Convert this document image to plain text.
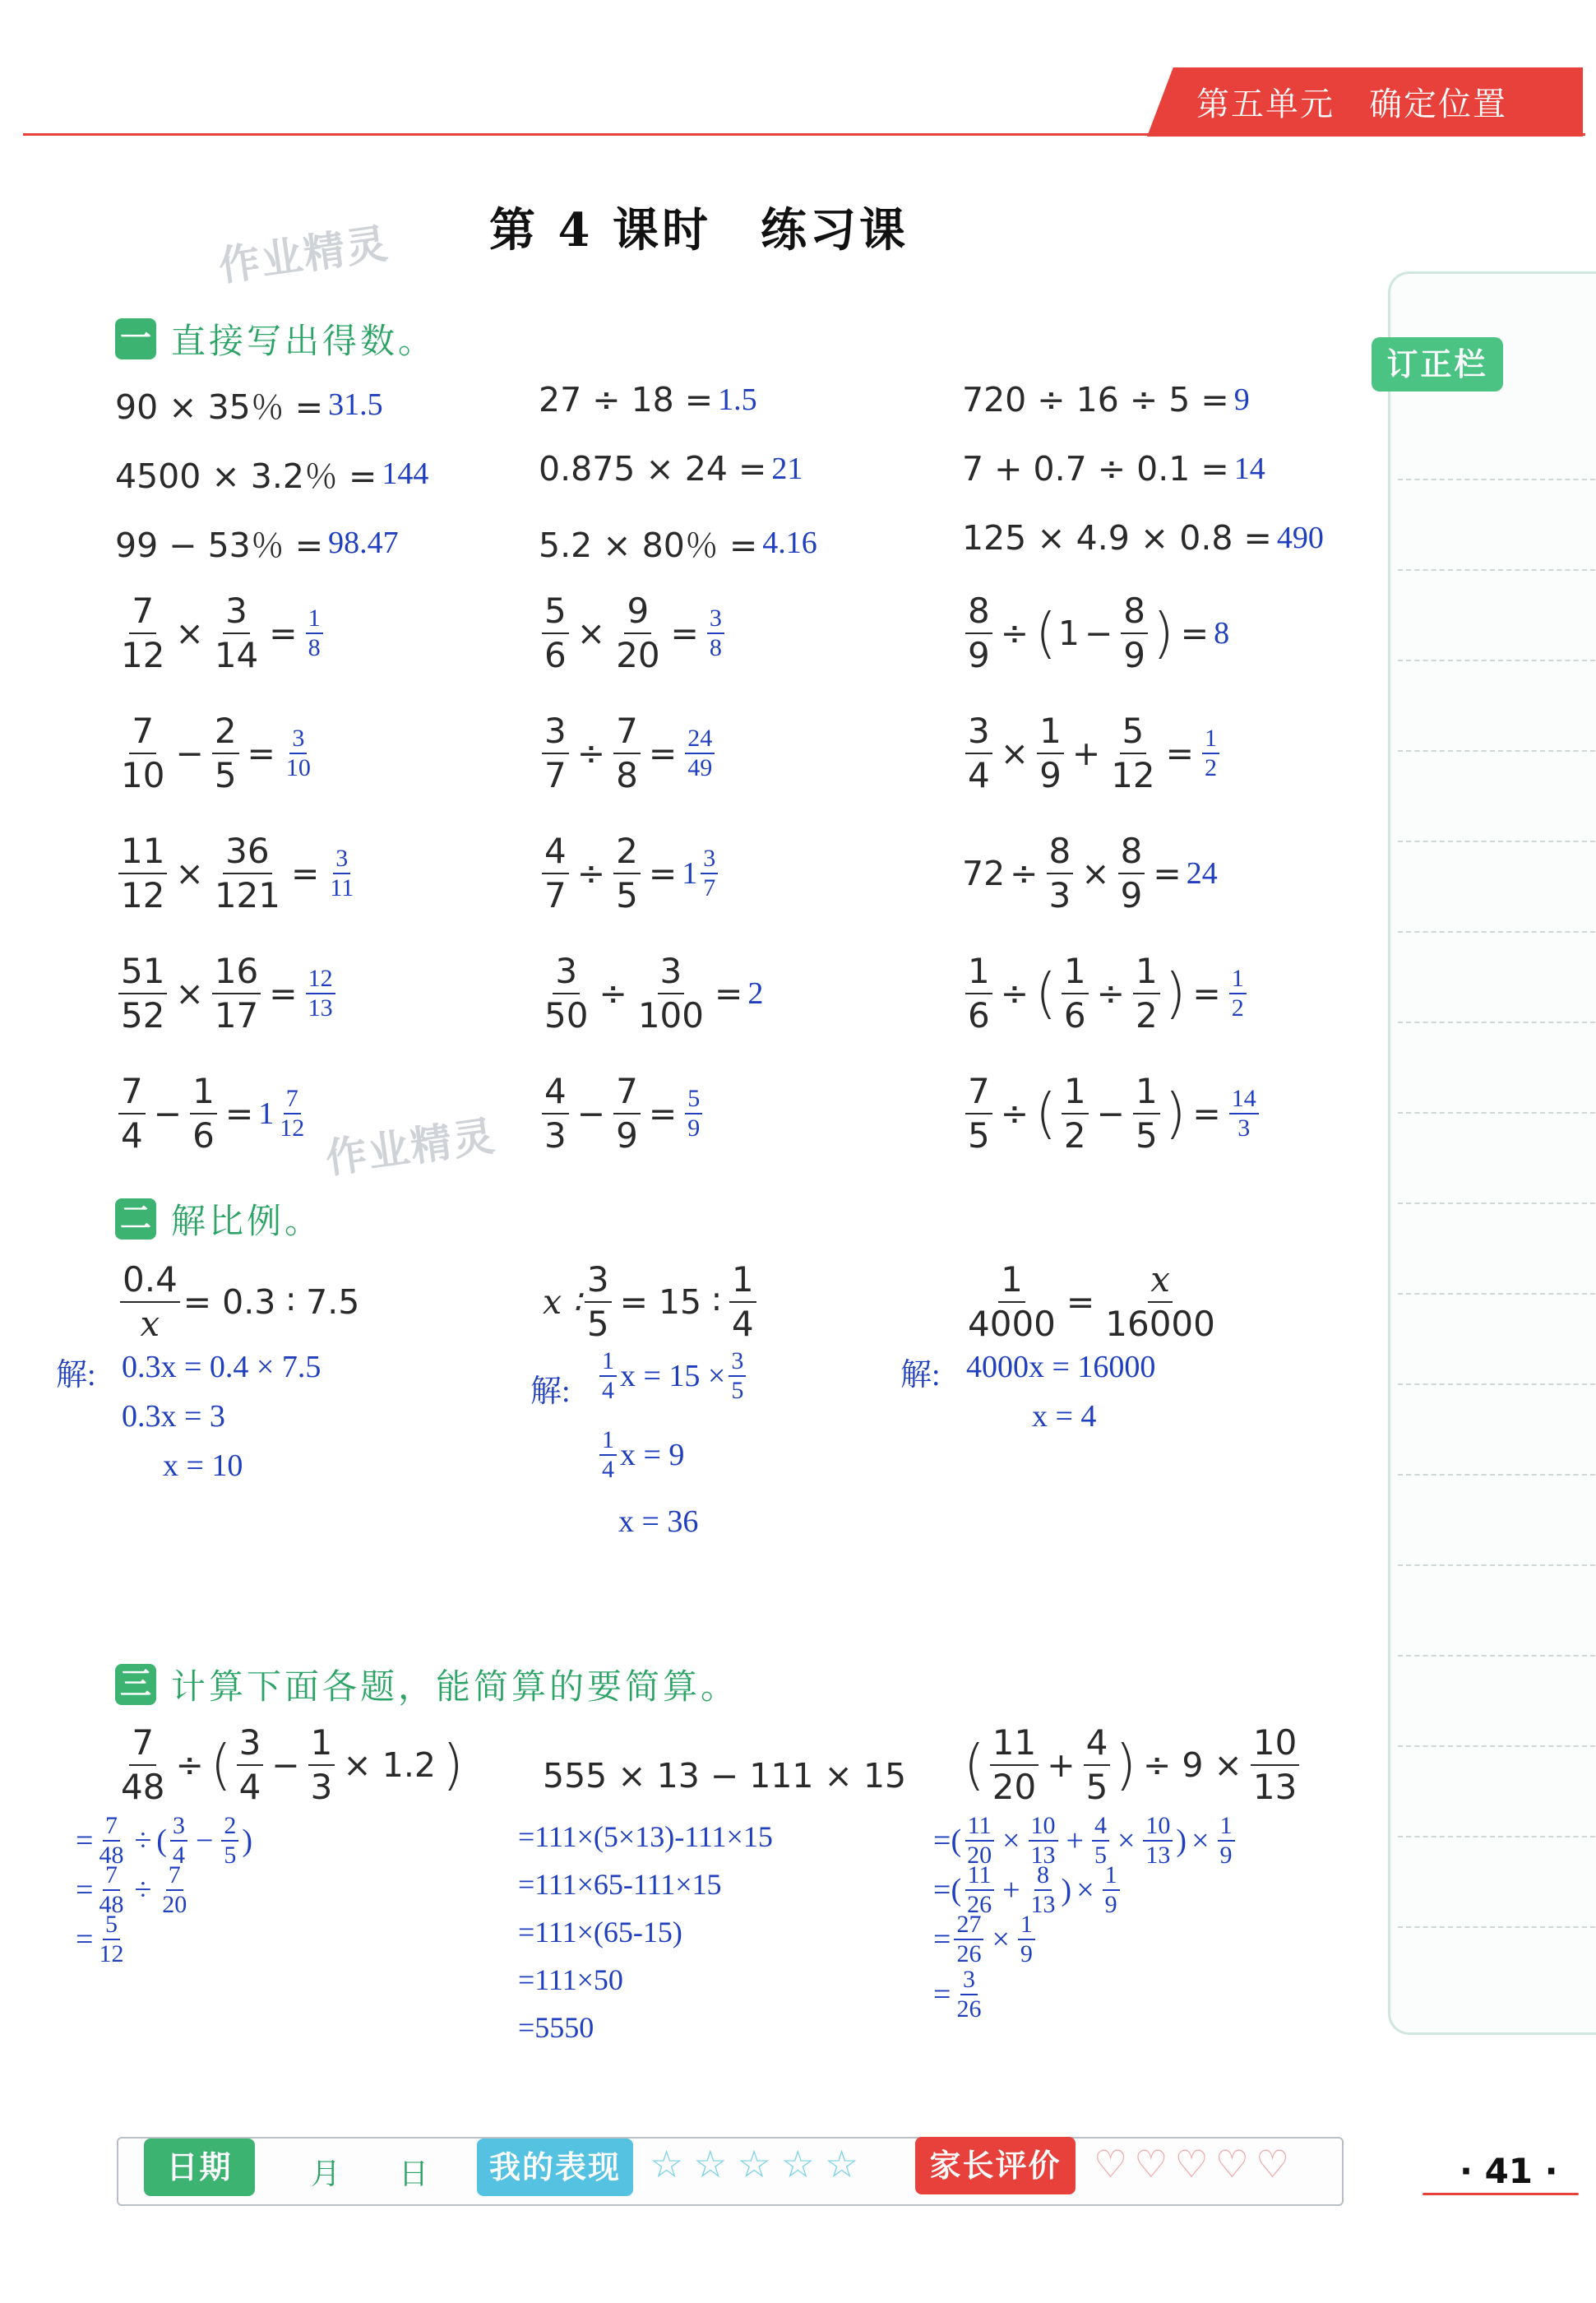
第五单元　 确定位置
第 4 课时　练习课
作业精灵
作业精灵
订正栏
一 直接写出得数。
90 × 35％ = 31.5	27 ÷ 18 = 1.5	720 ÷ 16 ÷ 5 = 9
4500 × 3.2％ = 144	0.875 × 24 = 21	7 + 0.7 ÷ 0.1 = 14
99 − 53％ = 98.47	5.2 × 80％ = 4.16	125 × 4.9 × 0.8 = 490
$\frac{7}{12} \times \frac{3}{14} = \frac{1}{8}$	$\frac{5}{6} \times \frac{9}{20} = \frac{3}{8}$	$\frac{8}{9}$ ÷ ( $1 - \frac{8}{9}$ ) = 8
$\frac{7}{10} - \frac{2}{5} = \frac{3}{10}$	$\frac{3}{7} \div \frac{7}{8} = \frac{24}{49}$	$\frac{3}{4} \times \frac{1}{9} + \frac{5}{12} = \frac{1}{2}$
$\frac{11}{12} \times \frac{36}{121} = \frac{3}{11}$	$\frac{4}{7} \div \frac{2}{5} = 1 \frac{3}{7}$	$72 \div \frac{8}{3} \times \frac{8}{9} = 24$
$\frac{51}{52} \times \frac{16}{17} = \frac{12}{13}$	$\frac{3}{50} \div \frac{3}{100} = 2$	$\frac{1}{6}$ ÷ ( $\frac{1}{6} \div \frac{1}{2}$ ) = $\frac{1}{2}$
$\frac{7}{4} - \frac{1}{6} = 1 \frac{7}{12}$	$\frac{4}{3} - \frac{7}{9} = \frac{5}{9}$	$\frac{7}{5}$ ÷ ( $\frac{1}{2} - \frac{1}{5}$ ) = $\frac{14}{3}$
二 解比例。
$\frac{0.4}{x} = 0.3$ ∶ 7.5
解: 0.3x = 0.4 × 7.5
0.3x = 3
x = 10
x ∶ $\frac{3}{5} = 15$ ∶ $\frac{1}{4}$
解: $\frac{1}{4}$ $x = 15 \times \frac{3}{5}$
$\frac{1}{4}$ x = 9
x = 36
$\frac{1}{4000} = \frac{x}{16000}$
解: 4000x = 16000
x = 4
三 计算下面各题，能简算的要简算。
$\frac{7}{48}$ ÷ ( $\frac{3}{4} - \frac{1}{3} \times 1.2$ )
= $\frac{7}{48}$ ÷ ( $\frac{3}{4} - \frac{2}{5}$ )
= $\frac{7}{48} \div \frac{7}{20}$
= $\frac{5}{12}$
555 × 13 − 111 × 15
=111×(5×13)-111×15
=111×65-111×15
=111×(65-15)
=111×50
=5550
( $\frac{11}{20} + \frac{4}{5}$ ) ÷ $9 \times \frac{10}{13}$
= ( $\frac{11}{20} \times \frac{10}{13} + \frac{4}{5} \times \frac{10}{13}$ ) × $\frac{1}{9}$
= ( $\frac{11}{26} + \frac{8}{13}$ ) × $\frac{1}{9}$
= $\frac{27}{26} \times \frac{1}{9}$
= $\frac{3}{26}$
日期	月 日	我的表现 ☆ ☆ ☆ ☆ ☆	家长评价 ♡ ♡ ♡ ♡ ♡	· 41 ·
